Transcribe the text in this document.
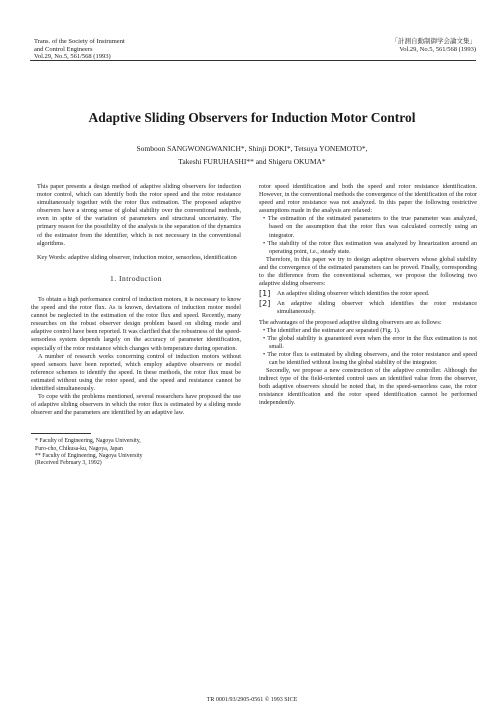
Trans. of the Society of Instrument
and Control Engineers
Vol.29, No.5, 561/568 (1993)
「計測自動制御学会論文集」
Vol.29, No.5, 561/568 (1993)
Adaptive Sliding Observers for Induction Motor Control
Somboon SANGWONGWANICH*, Shinji DOKI*, Tetsuya YONEMOTO*,
Takeshi FURUHASHI** and Shigeru OKUMA*
This paper presents a design method of adaptive sliding observers for induction motor control, which can identify both the rotor speed and the rotor resistance simultaneously together with the rotor flux estimation. The proposed adaptive observers have a strong sense of global stability over the conventional methods, even in spite of the variation of parameters and structural uncertainty. The primary reason for the possibility of the analysis is the separation of the dynamics of the estimator from the identifier, which is not necessary in the conventional algorithms.
Key Words: adaptive sliding observer, induction motor, sensorless, identification
1. Introduction

To obtain a high performance control of induction motors, it is necessary to know the speed and the rotor flux. As is known, deviations of induction motor model cannot be neglected in the estimation of the rotor flux and speed. Recently, many researches on the robust observer design problem based on sliding mode and adaptive control have been reported. It was clarified that the robustness of the speed-sensorless system depends largely on the accuracy of parameter identification, especially of the rotor resistance which changes with temperature during operation.

A number of research works concerning control of induction motors without speed sensors have been reported, which employ adaptive observers or model reference schemes to identify the speed. In these methods, the rotor flux must be estimated without using the rotor speed, and the speed and resistance cannot be identified simultaneously.

To cope with the problems mentioned, several researchers have proposed the use of adaptive sliding observers in which the rotor flux is estimated by a sliding mode observer and the parameters are identified by an adaptive law.

* Faculty of Engineering, Nagoya University,
Furo-cho, Chikusa-ku, Nagoya, Japan
** Faculty of Engineering, Nagoya University
(Received February 3, 1992)

rotor speed identification and both the speed and rotor resistance identification. However, in the conventional methods the convergence of the identification of the rotor speed and rotor resistance was not analyzed. In this paper the following restrictive assumptions made in the analysis are relaxed:

• The estimation of the estimated parameters to the true parameter was analyzed, based on the assumption that the rotor flux was calculated correctly using an integrator.
• The stability of the rotor flux estimation was analyzed by linearization around an operating point, i.e., steady state.

Therefore, in this paper we try to design adaptive observers whose global stability and the convergence of the estimated parameters can be proved. Finally, corresponding to the difference from the conventional schemes, we propose the following two adaptive sliding observers:

[1]	An adaptive sliding observer which identifies the rotor speed.
[2]	An adaptive sliding observer which identifies the rotor resistance simultaneously.

The advantages of the proposed adaptive sliding observers are as follows:

• The identifier and the estimator are separated (Fig. 1).
• The global stability is guaranteed even when the error in the flux estimation is not small.
• The rotor flux is estimated by sliding observers, and the rotor resistance and speed can be identified without losing the global stability of the integrator.

Secondly, we propose a new construction of the adaptive controller. Although the indirect type of the field-oriented control uses an identified value from the observer, both adaptive observers should be noted that, in the speed-sensorless case, the rotor resistance identification and the rotor speed identification cannot be performed independently.

TR 0001/93/2905-0561 © 1993 SICE
